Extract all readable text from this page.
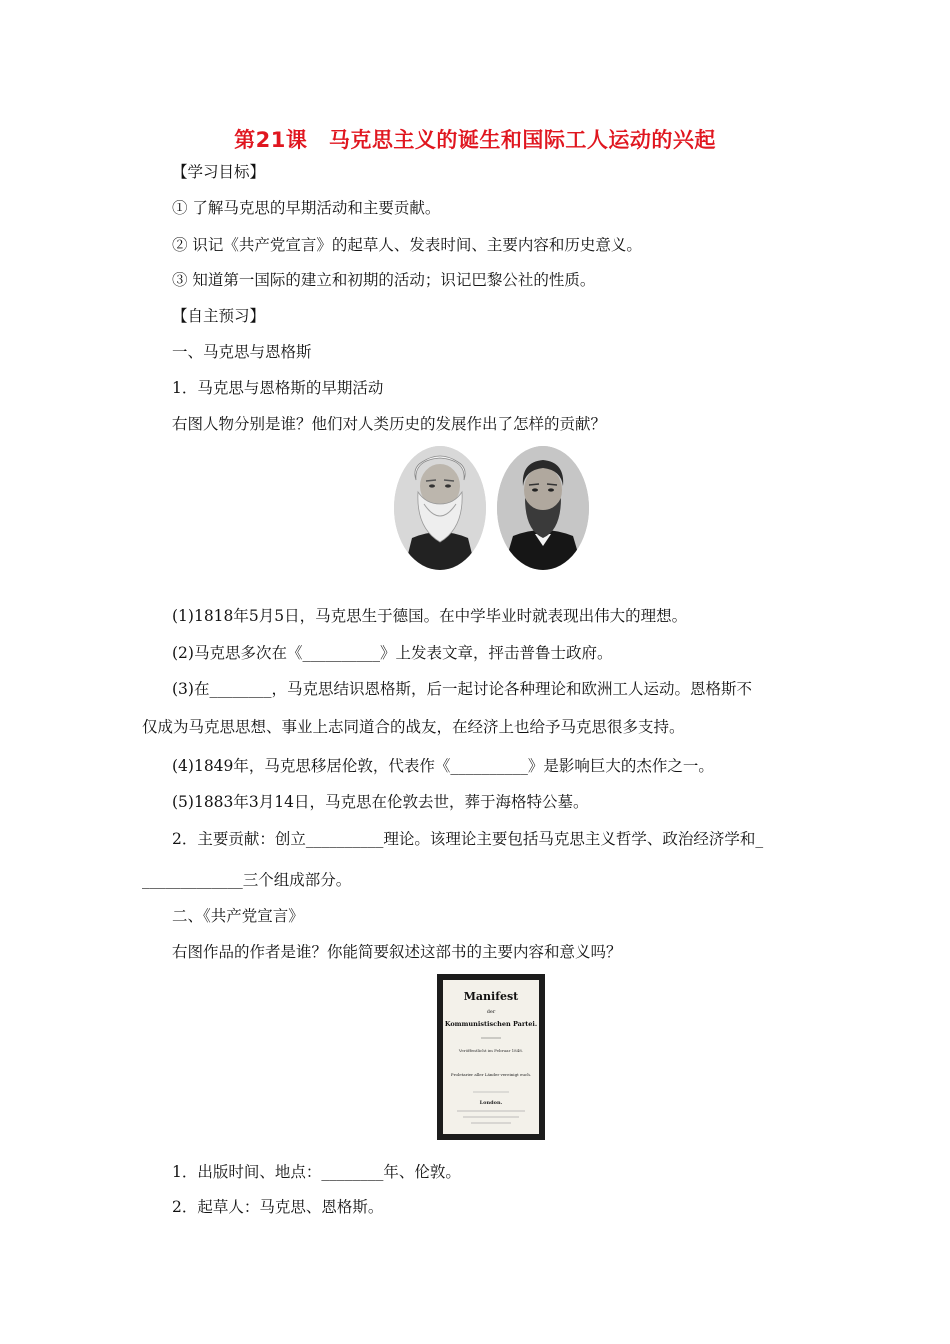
第21课　马克思主义的诞生和国际工人运动的兴起
【学习目标】
① 了解马克思的早期活动和主要贡献。
② 识记《共产党宣言》的起草人、发表时间、主要内容和历史意义。
③ 知道第一国际的建立和初期的活动；识记巴黎公社的性质。
【自主预习】
一、马克思与恩格斯
1．马克思与恩格斯的早期活动
右图人物分别是谁？他们对人类历史的发展作出了怎样的贡献？
(1)1818年5月5日，马克思生于德国。在中学毕业时就表现出伟大的理想。
(2)马克思多次在《__________》上发表文章，抨击普鲁士政府。
(3)在________，马克思结识恩格斯，后一起讨论各种理论和欧洲工人运动。恩格斯不
仅成为马克思思想、事业上志同道合的战友，在经济上也给予马克思很多支持。
(4)1849年，马克思移居伦敦，代表作《__________》是影响巨大的杰作之一。
(5)1883年3月14日，马克思在伦敦去世，葬于海格特公墓。
2．主要贡献：创立__________理论。该理论主要包括马克思主义哲学、政治经济学和_
_____________三个组成部分。
二、《共产党宣言》
右图作品的作者是谁？你能简要叙述这部书的主要内容和意义吗？
Manifest
der
Kommunistischen Partei.
Veröffentlicht im Februar 1848.
Proletarier aller Länder vereinigt euch.
London.
1．出版时间、地点：________年、伦敦。
2．起草人：马克思、恩格斯。
